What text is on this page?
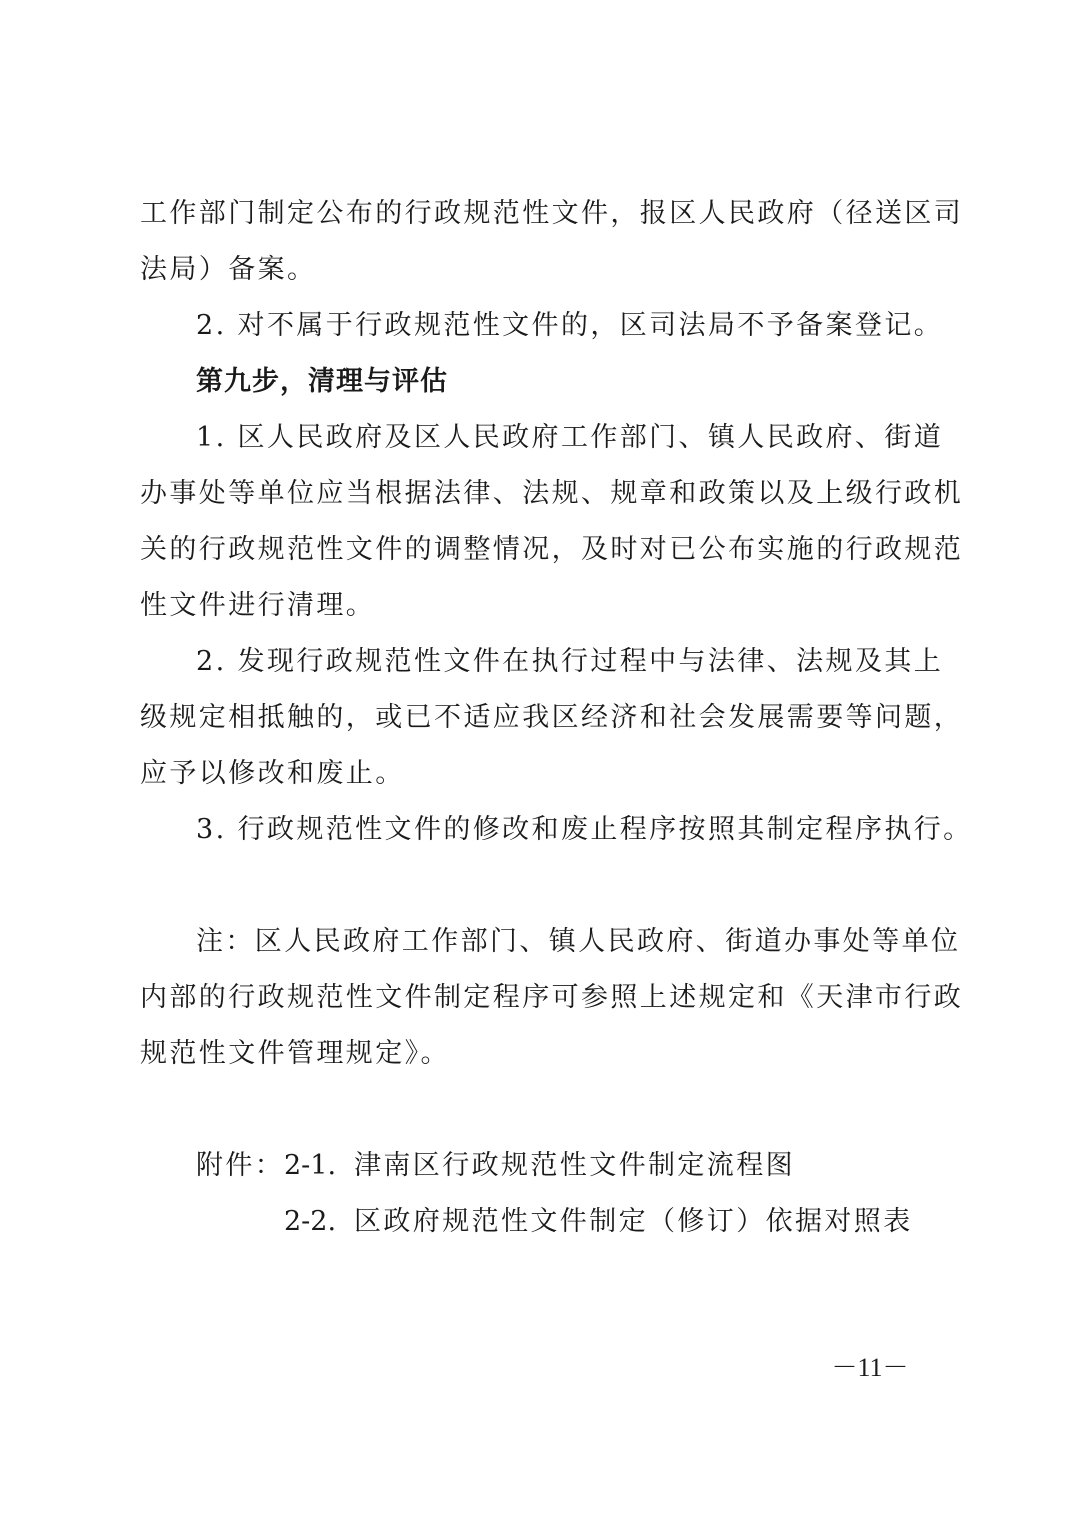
工作部门制定公布的行政规范性文件，报区人民政府（径送区司
法局）备案。
2. 对不属于行政规范性文件的，区司法局不予备案登记。
第九步，清理与评估
1. 区人民政府及区人民政府工作部门、镇人民政府、街道
办事处等单位应当根据法律、法规、规章和政策以及上级行政机
关的行政规范性文件的调整情况，及时对已公布实施的行政规范
性文件进行清理。
2. 发现行政规范性文件在执行过程中与法律、法规及其上
级规定相抵触的，或已不适应我区经济和社会发展需要等问题，
应予以修改和废止。
3. 行政规范性文件的修改和废止程序按照其制定程序执行。
注：区人民政府工作部门、镇人民政府、街道办事处等单位
内部的行政规范性文件制定程序可参照上述规定和《天津市行政
规范性文件管理规定》。
附件：2-1. 津南区行政规范性文件制定流程图
2-2. 区政府规范性文件制定（修订）依据对照表
－11－
